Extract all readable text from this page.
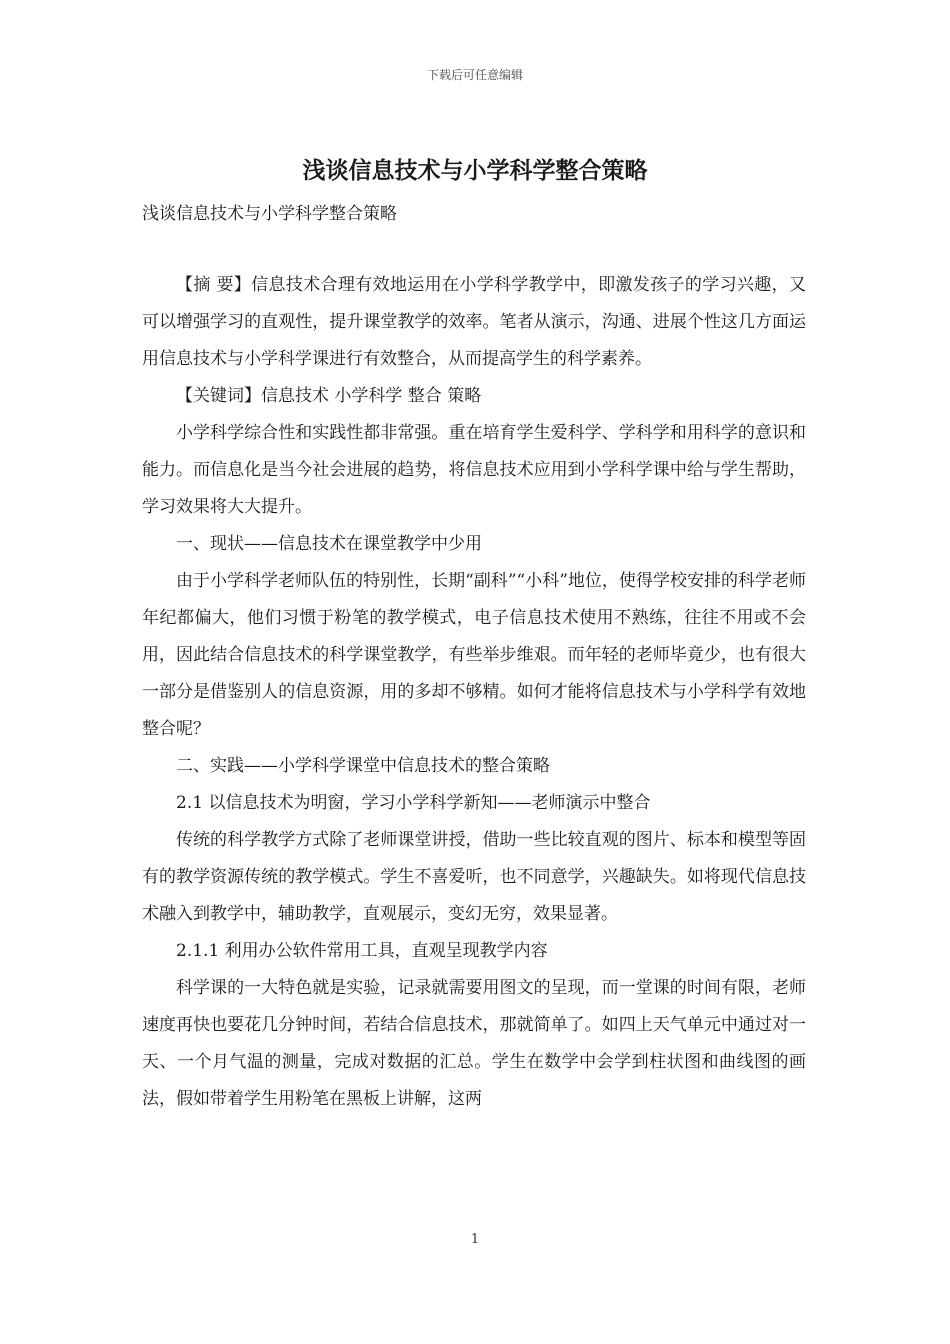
下载后可任意编辑
浅谈信息技术与小学科学整合策略

浅谈信息技术与小学科学整合策略

【摘 要】信息技术合理有效地运用在小学科学教学中，即激发孩子的学习兴趣，又可以增强学习的直观性，提升课堂教学的效率。笔者从演示，沟通、进展个性这几方面运用信息技术与小学科学课进行有效整合，从而提高学生的科学素养。

【关键词】信息技术 小学科学 整合 策略

小学科学综合性和实践性都非常强。重在培育学生爱科学、学科学和用科学的意识和能力。而信息化是当今社会进展的趋势，将信息技术应用到小学科学课中给与学生帮助，学习效果将大大提升。

一、现状——信息技术在课堂教学中少用

由于小学科学老师队伍的特别性，长期“副科”“小科”地位，使得学校安排的科学老师年纪都偏大，他们习惯于粉笔的教学模式，电子信息技术使用不熟练，往往不用或不会用，因此结合信息技术的科学课堂教学，有些举步维艰。而年轻的老师毕竟少，也有很大一部分是借鉴别人的信息资源，用的多却不够精。如何才能将信息技术与小学科学有效地整合呢？

二、实践——小学科学课堂中信息技术的整合策略

2.1 以信息技术为明窗，学习小学科学新知——老师演示中整合

传统的科学教学方式除了老师课堂讲授，借助一些比较直观的图片、标本和模型等固有的教学资源传统的教学模式。学生不喜爱听，也不同意学，兴趣缺失。如将现代信息技术融入到教学中，辅助教学，直观展示，变幻无穷，效果显著。

2.1.1 利用办公软件常用工具，直观呈现教学内容

科学课的一大特色就是实验，记录就需要用图文的呈现，而一堂课的时间有限，老师速度再快也要花几分钟时间，若结合信息技术，那就简单了。如四上天气单元中通过对一天、一个月气温的测量，完成对数据的汇总。学生在数学中会学到柱状图和曲线图的画法，假如带着学生用粉笔在黑板上讲解，这两

1
